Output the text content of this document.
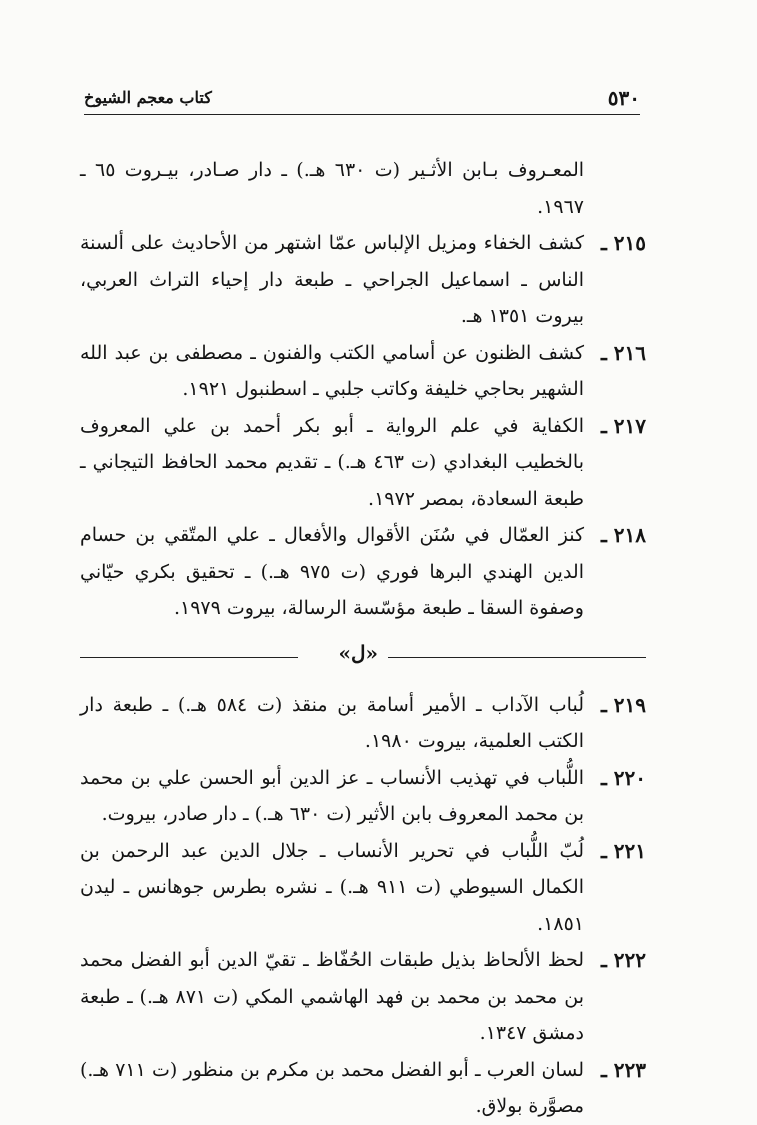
كتاب معجم الشيوخ	٥٣٠
المعـروف بـابن الأثـير (ت ٦٣٠ هـ.) ـ دار صـادر، بيـروت ٦٥ ـ ١٩٦٧.
٢١٥ ـ
كشف الخفاء ومزيل الإلباس عمّا اشتهر من الأحاديث على ألسنة الناس ـ اسماعيل الجراحي ـ طبعة دار إحياء التراث العربي، بيروت ١٣٥١ هـ.
٢١٦ ـ
كشف الظنون عن أسامي الكتب والفنون ـ مصطفى بن عبد الله الشهير بحاجي خليفة وكاتب جلبي ـ اسطنبول ١٩٢١.
٢١٧ ـ
الكفاية في علم الرواية ـ أبو بكر أحمد بن علي المعروف بالخطيب البغدادي (ت ٤٦٣ هـ.) ـ تقديم محمد الحافظ التيجاني ـ طبعة السعادة، بمصر ١٩٧٢.
٢١٨ ـ
كنز العمّال في سُنَن الأقوال والأفعال ـ علي المتّقي بن حسام الدين الهندي البرها فوري (ت ٩٧٥ هـ.) ـ تحقيق بكري حيّاني وصفوة السقا ـ طبعة مؤسّسة الرسالة، بيروت ١٩٧٩.
«ل»
٢١٩ ـ
لُباب الآداب ـ الأمير أسامة بن منقذ (ت ٥٨٤ هـ.) ـ طبعة دار الكتب العلمية، بيروت ١٩٨٠.
٢٢٠ ـ
اللُّباب في تهذيب الأنساب ـ عز الدين أبو الحسن علي بن محمد بن محمد المعروف بابن الأثير (ت ٦٣٠ هـ.) ـ دار صادر، بيروت.
٢٢١ ـ
لُبّ اللُّباب في تحرير الأنساب ـ جلال الدين عبد الرحمن بن الكمال السيوطي (ت ٩١١ هـ.) ـ نشره بطرس جوهانس ـ ليدن ١٨٥١.
٢٢٢ ـ
لحظ الألحاظ بذيل طبقات الحُفّاظ ـ تقيّ الدين أبو الفضل محمد بن محمد بن محمد بن فهد الهاشمي المكي (ت ٨٧١ هـ.) ـ طبعة دمشق ١٣٤٧.
٢٢٣ ـ
لسان العرب ـ أبو الفضل محمد بن مكرم بن منظور (ت ٧١١ هـ.) مصوَّرة بولاق.
